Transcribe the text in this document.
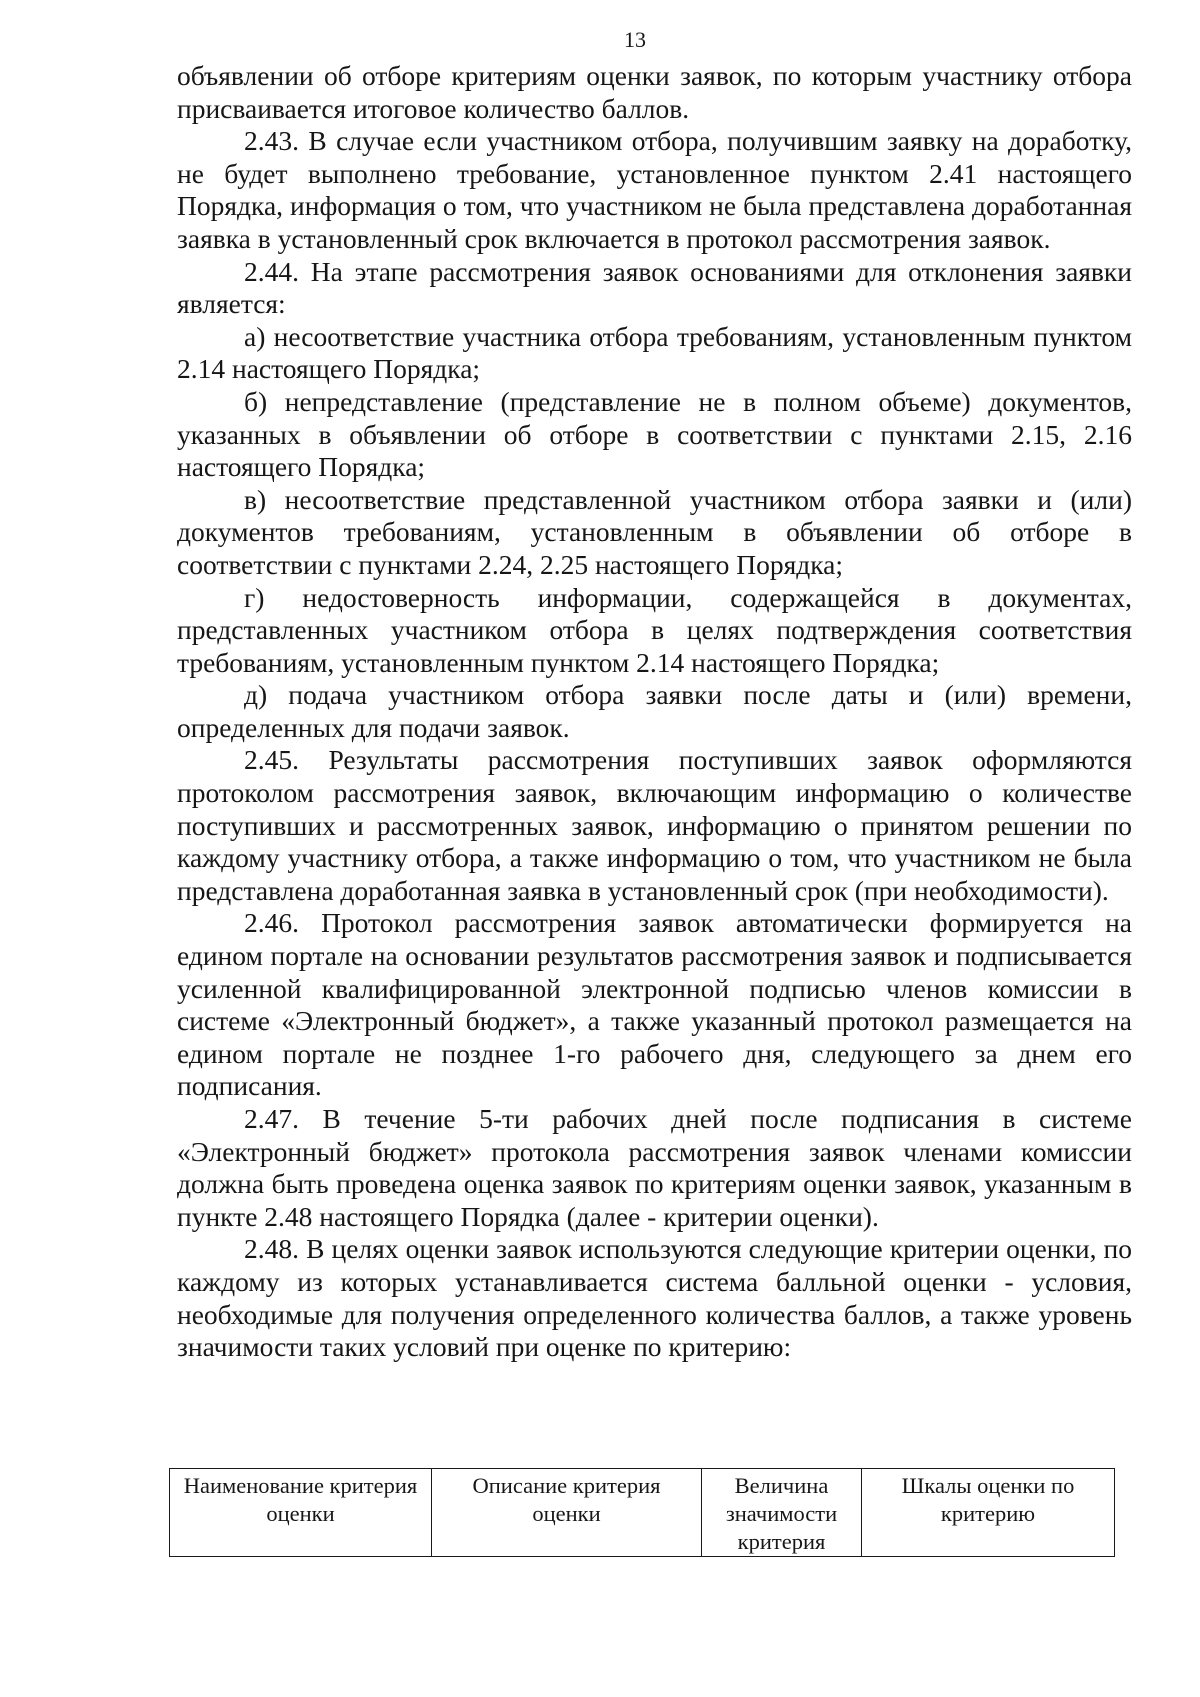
13

объявлении об отборе критериям оценки заявок, по которым участнику отбора присваивается итоговое количество баллов.

2.43. В случае если участником отбора, получившим заявку на доработку, не будет выполнено требование, установленное пунктом 2.41 настоящего Порядка, информация о том, что участником не была представлена доработанная заявка в установленный срок включается в протокол рассмотрения заявок.

2.44. На этапе рассмотрения заявок основаниями для отклонения заявки является:

а) несоответствие участника отбора требованиям, установленным пунктом 2.14 настоящего Порядка;

б) непредставление (представление не в полном объеме) документов, указанных в объявлении об отборе в соответствии с пунктами 2.15, 2.16 настоящего Порядка;

в) несоответствие представленной участником отбора заявки и (или) документов требованиям, установленным в объявлении об отборе в соответствии с пунктами 2.24, 2.25 настоящего Порядка;

г) недостоверность информации, содержащейся в документах, представленных участником отбора в целях подтверждения соответствия требованиям, установленным пунктом 2.14 настоящего Порядка;

д) подача участником отбора заявки после даты и (или) времени, определенных для подачи заявок.

2.45. Результаты рассмотрения поступивших заявок оформляются протоколом рассмотрения заявок, включающим информацию о количестве поступивших и рассмотренных заявок, информацию о принятом решении по каждому участнику отбора, а также информацию о том, что участником не была представлена доработанная заявка в установленный срок (при необходимости).

2.46. Протокол рассмотрения заявок автоматически формируется на едином портале на основании результатов рассмотрения заявок и подписывается усиленной квалифицированной электронной подписью членов комиссии в системе «Электронный бюджет», а также указанный протокол размещается на едином портале не позднее 1-го рабочего дня, следующего за днем его подписания.

2.47. В течение 5-ти рабочих дней после подписания в системе «Электронный бюджет» протокола рассмотрения заявок членами комиссии должна быть проведена оценка заявок по критериям оценки заявок, указанным в пункте 2.48 настоящего Порядка (далее - критерии оценки).

2.48. В целях оценки заявок используются следующие критерии оценки, по каждому из которых устанавливается система балльной оценки - условия, необходимые для получения определенного количества баллов, а также уровень значимости таких условий при оценке по критерию:

Наименование критерия оценки	Описание критерия оценки	Величина значимости критерия	Шкалы оценки по критерию
